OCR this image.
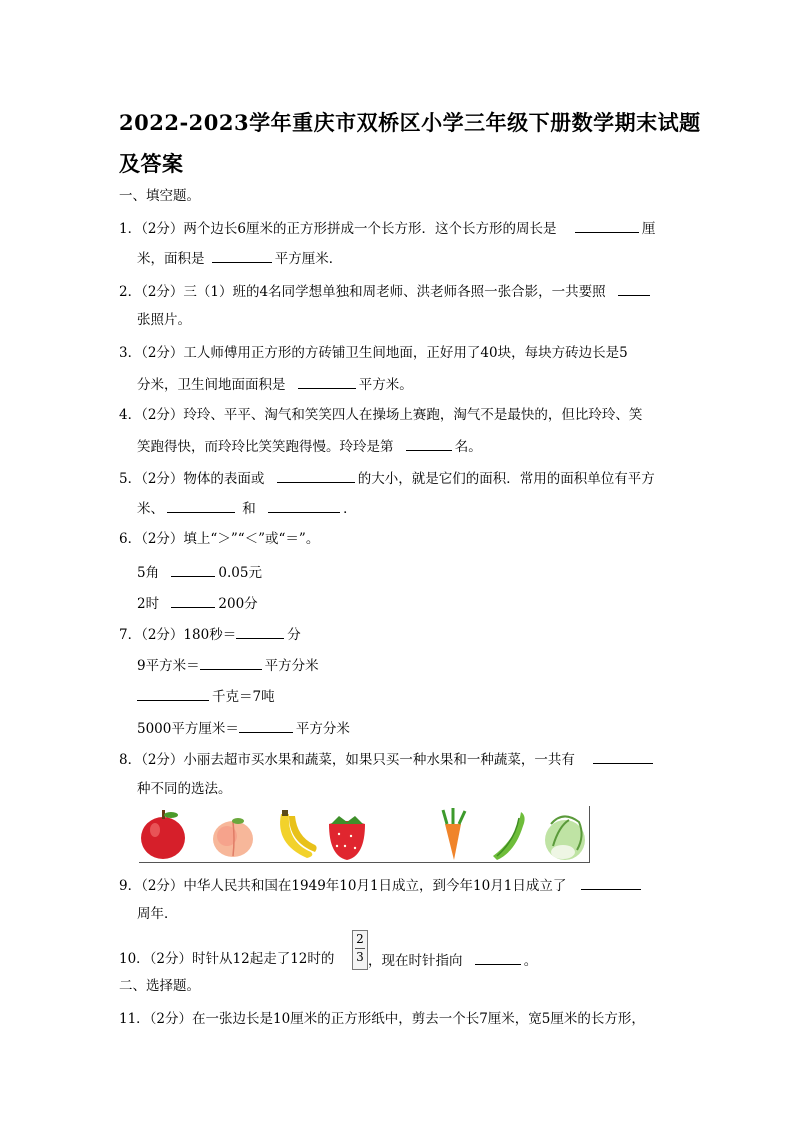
2022-2023学年重庆市双桥区小学三年级下册数学期末试题
及答案
一、填空题。
1．（2分）两个边长6厘米的正方形拼成一个长方形．这个长方形的周长是	厘
米，面积是	平方厘米．
2．（2分）三（1）班的4名同学想单独和周老师、洪老师各照一张合影，一共要照
张照片。
3．（2分）工人师傅用正方形的方砖铺卫生间地面，正好用了40块，每块方砖边长是5
分米，卫生间地面面积是	平方米。
4．（2分）玲玲、平平、淘气和笑笑四人在操场上赛跑，淘气不是最快的，但比玲玲、笑
笑跑得快，而玲玲比笑笑跑得慢。玲玲是第	名。
5．（2分）物体的表面或	的大小，就是它们的面积．常用的面积单位有平方
米、	和	．
6．（2分）填上“＞”“＜”或“＝”。
5角	0.05元
2时	200分
7．（2分）180秒＝	分
9平方米＝	平方分米
千克＝7吨
5000平方厘米＝	平方分米
8．（2分）小丽去超市买水果和蔬菜，如果只买一种水果和一种蔬菜，一共有
种不同的选法。
9．（2分）中华人民共和国在1949年10月1日成立，到今年10月1日成立了
周年．
10．（2分）时针从12起走了12时的
2
3 ，现在时针指向	。
二、选择题。
11．（2分）在一张边长是10厘米的正方形纸中，剪去一个长7厘米，宽5厘米的长方形，
